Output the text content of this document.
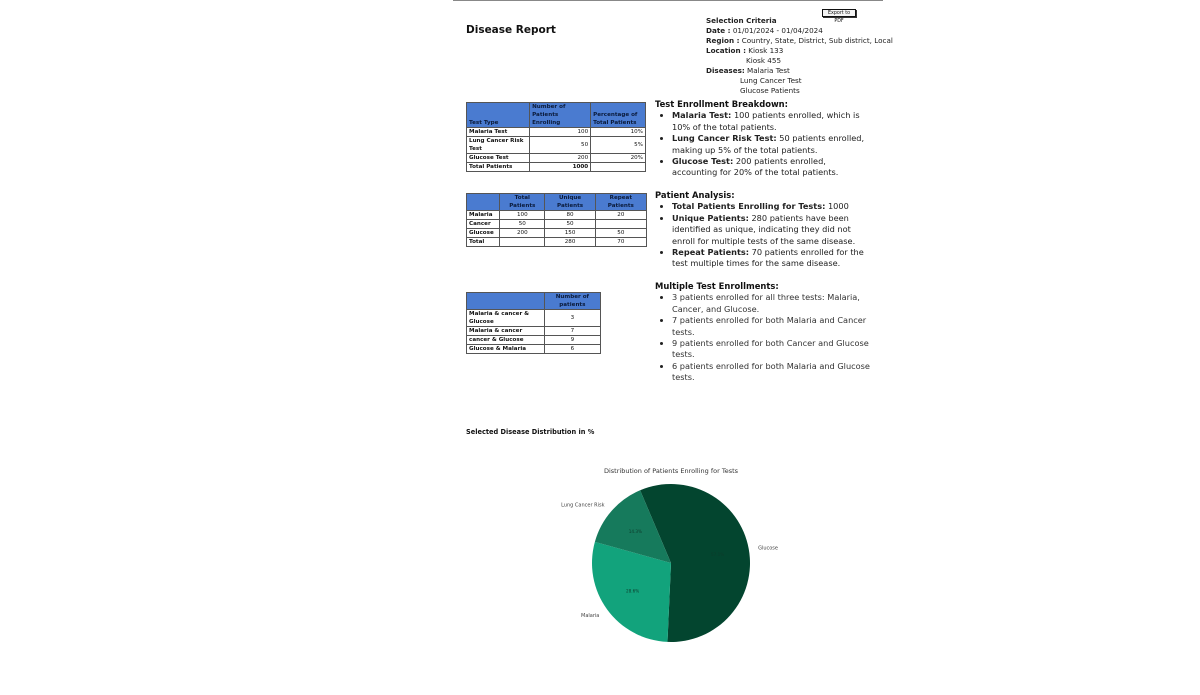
Disease Report
Export to PDF
Selection Criteria
Date : 01/01/2024 - 01/04/2024
Region : Country, State, District, Sub district, Local
Location : Kiosk 133
Kiosk 455
Diseases: Malaria Test
Lung Cancer Test
Glucose Patients
Test Type	Number of Patients Enrolling	Percentage of Total Patients
Malaria Test	100	10%
Lung Cancer Risk Test	50	5%
Glucose Test	200	20%
Total Patients	1000	
	Total Patients	Unique Patients	Repeat Patients
Malaria	100	80	20
Cancer	50	50	
Glucose	200	150	50
Total		280	70
	Number of patients
Malaria & cancer & Glucose	3
Malaria & cancer	7
cancer & Glucose	9
Glucose & Malaria	6
Test Enrollment Breakdown:
• Malaria Test: 100 patients enrolled, which is 10% of the total patients.
• Lung Cancer Risk Test: 50 patients enrolled, making up 5% of the total patients.
• Glucose Test: 200 patients enrolled, accounting for 20% of the total patients.
Patient Analysis:
• Total Patients Enrolling for Tests: 1000
• Unique Patients: 280 patients have been identified as unique, indicating they did not enroll for multiple tests of the same disease.
• Repeat Patients: 70 patients enrolled for the test multiple times for the same disease.
Multiple Test Enrollments:
• 3 patients enrolled for all three tests: Malaria, Cancer, and Glucose.
• 7 patients enrolled for both Malaria and Cancer tests.
• 9 patients enrolled for both Cancer and Glucose tests.
• 6 patients enrolled for both Malaria and Glucose tests.
Selected Disease Distribution in %
Distribution of Patients Enrolling for Tests
57.1%
Glucose
28.6%
Malaria
14.3%
Lung Cancer Risk
